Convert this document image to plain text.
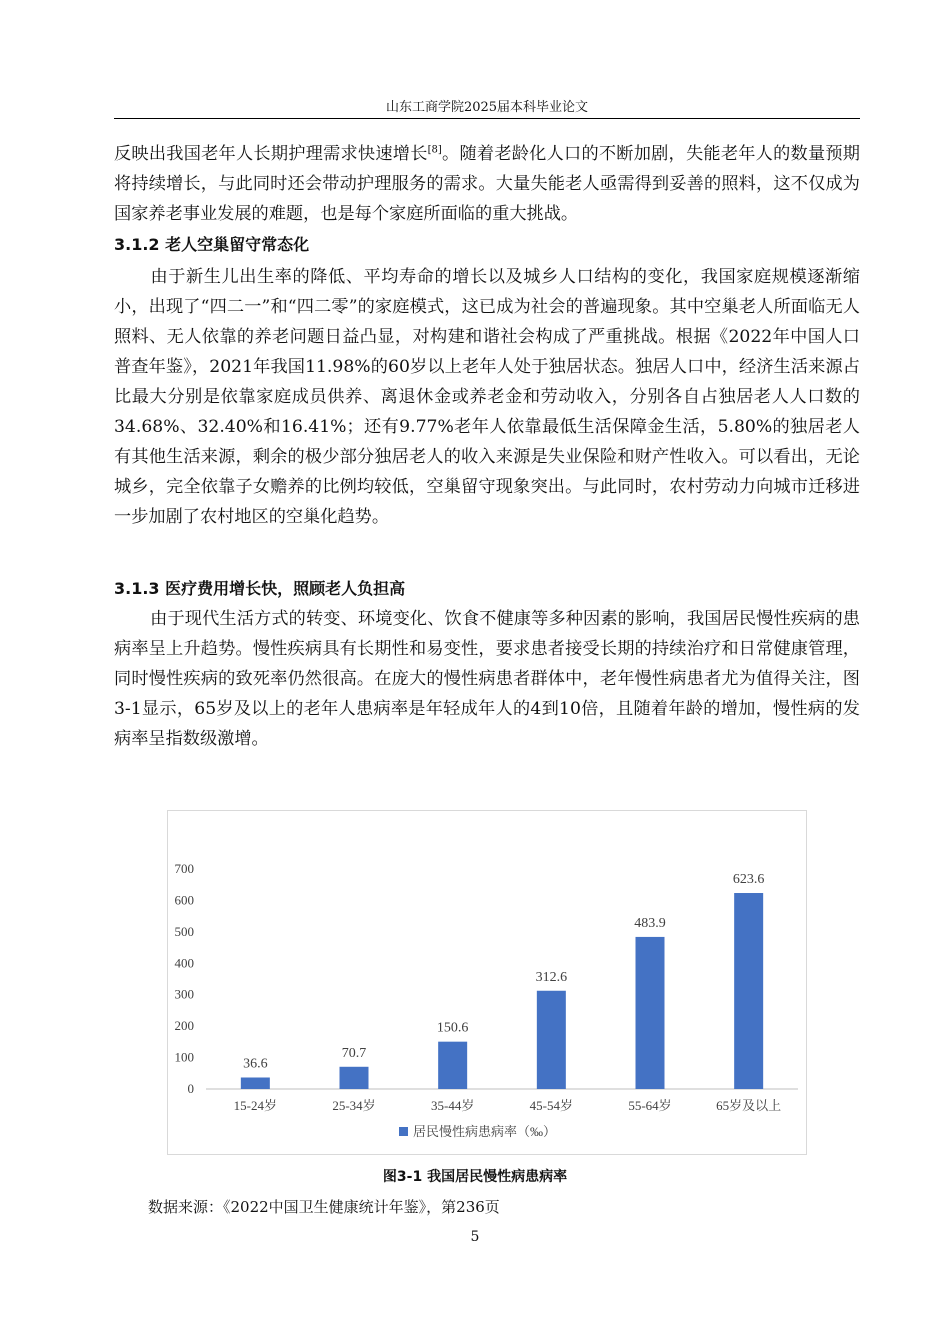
山东工商学院2025届本科毕业论文

反映出我国老年人长期护理需求快速增长[8]。随着老龄化人口的不断加剧，失能老年人的数量预期将持续增长，与此同时还会带动护理服务的需求。大量失能老人亟需得到妥善的照料，这不仅成为国家养老事业发展的难题，也是每个家庭所面临的重大挑战。

3.1.2 老人空巢留守常态化

由于新生儿出生率的降低、平均寿命的增长以及城乡人口结构的变化，我国家庭规模逐渐缩小，出现了“四二一”和“四二零”的家庭模式，这已成为社会的普遍现象。其中空巢老人所面临无人照料、无人依靠的养老问题日益凸显，对构建和谐社会构成了严重挑战。根据《2022年中国人口普查年鉴》，2021年我国11.98%的60岁以上老年人处于独居状态。独居人口中，经济生活来源占比最大分别是依靠家庭成员供养、离退休金或养老金和劳动收入，分别各自占独居老人人口数的34.68%、32.40%和16.41%；还有9.77%老年人依靠最低生活保障金生活，5.80%的独居老人有其他生活来源，剩余的极少部分独居老人的收入来源是失业保险和财产性收入。可以看出，无论城乡，完全依靠子女赡养的比例均较低，空巢留守现象突出。与此同时，农村劳动力向城市迁移进一步加剧了农村地区的空巢化趋势。

3.1.3 医疗费用增长快，照顾老人负担高

由于现代生活方式的转变、环境变化、饮食不健康等多种因素的影响，我国居民慢性疾病的患病率呈上升趋势。慢性疾病具有长期性和易变性，要求患者接受长期的持续治疗和日常健康管理，同时慢性疾病的致死率仍然很高。在庞大的慢性病患者群体中，老年慢性病患者尤为值得关注，图3-1显示，65岁及以上的老年人患病率是年轻成年人的4到10倍，且随着年龄的增加，慢性病的发病率呈指数级激增。

0
100
200
300
400
500
600
700
36.6
15-24岁
70.7
25-34岁
150.6
35-44岁
312.6
45-54岁
483.9
55-64岁
623.6
65岁及以上
居民慢性病患病率（‰）
图3-1 我国居民慢性病患病率
数据来源：《2022中国卫生健康统计年鉴》，第236页
5
